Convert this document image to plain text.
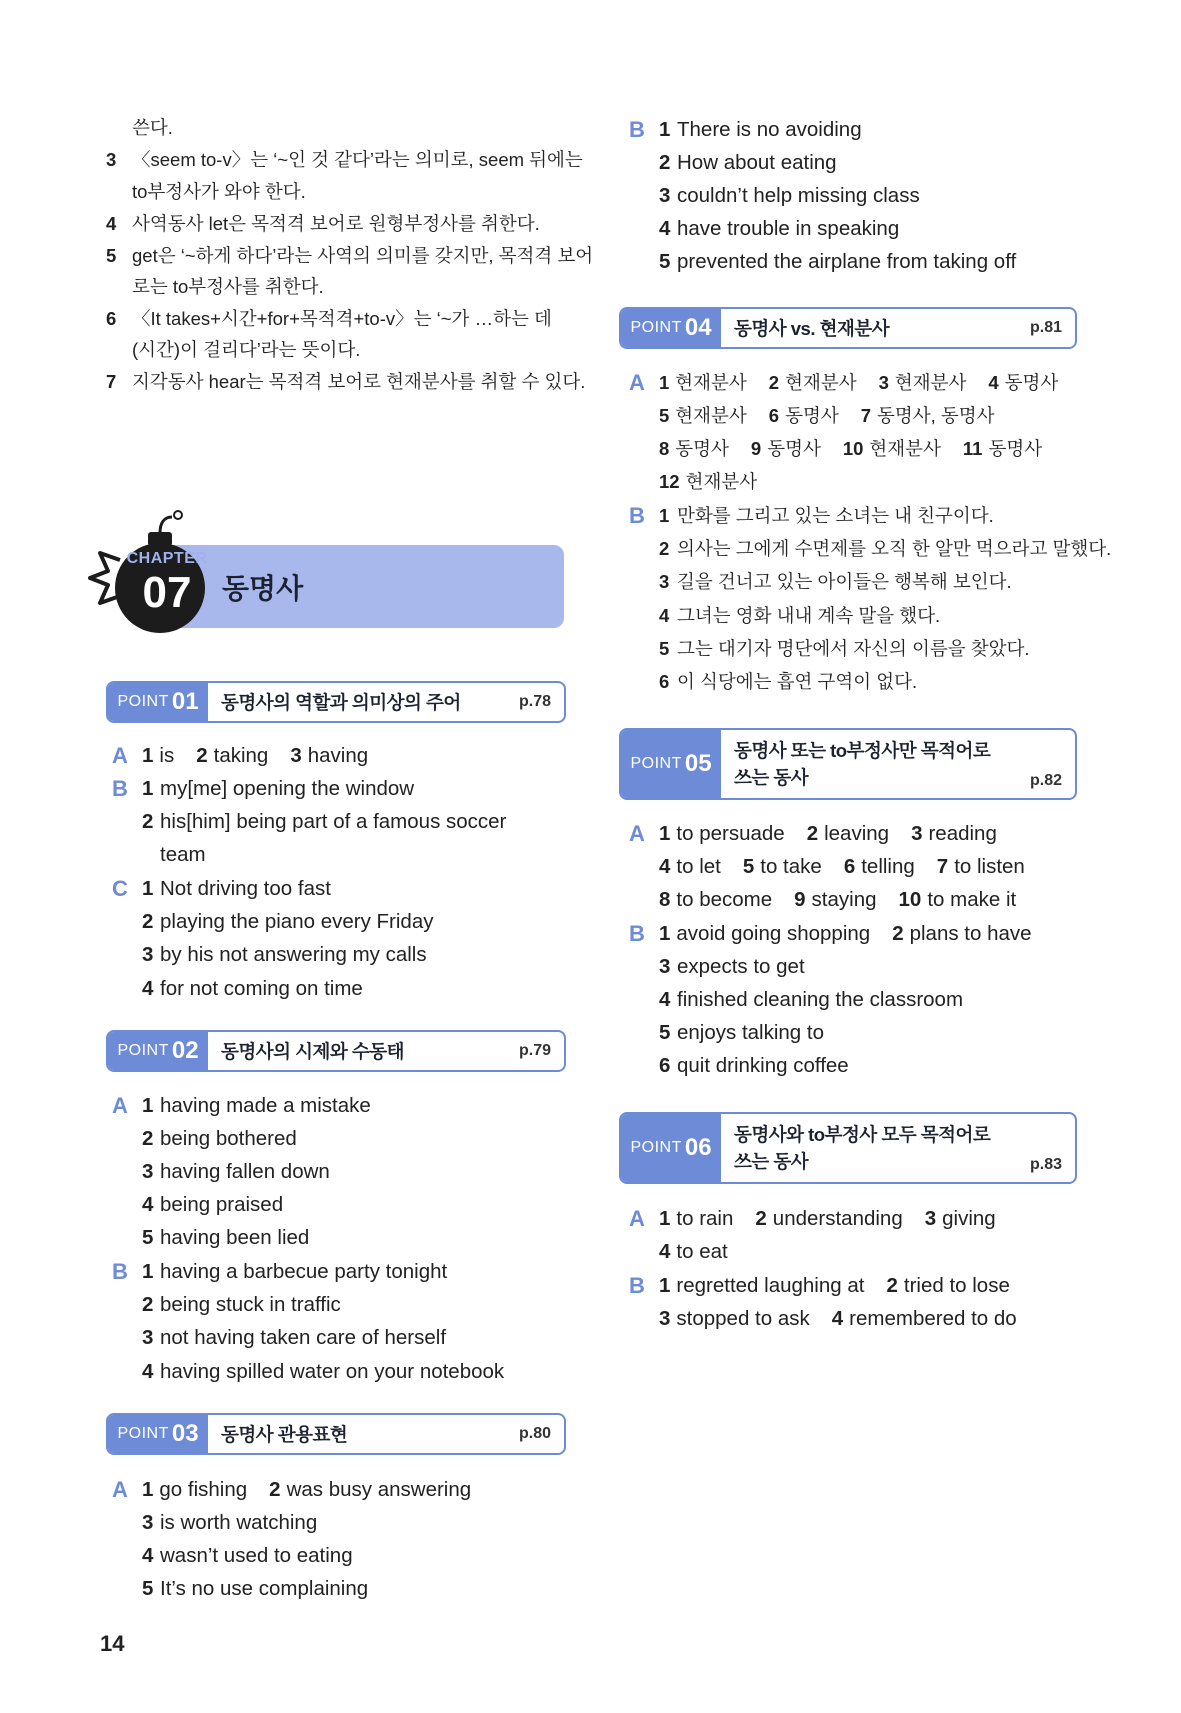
쓴다.
3 〈seem to-v〉는 ‘~인 것 같다’라는 의미로, seem 뒤에는
to부정사가 와야 한다.
4 사역동사 let은 목적격 보어로 원형부정사를 취한다.
5 get은 ‘~하게 하다’라는 사역의 의미를 갖지만, 목적격 보어
로는 to부정사를 취한다.
6 〈It takes+시간+for+목적격+to-v〉는 ‘~가 …하는 데
(시간)이 걸리다’라는 뜻이다.
7 지각동사 hear는 목적격 보어로 현재분사를 취할 수 있다.
POINT 01 동명사의 역할과 의미상의 주어	p.78
A 1 is 2 taking 3 having
B 1 my[me] opening the window
2 his[him] being part of a famous soccer
team
C 1 Not driving too fast
2 playing the piano every Friday
3 by his not answering my calls
4 for not coming on time
POINT 02 동명사의 시제와 수동태	p.79
A 1 having made a mistake
2 being bothered
3 having fallen down
4 being praised
5 having been lied
B 1 having a barbecue party tonight
2 being stuck in traffic
3 not having taken care of herself
4 having spilled water on your notebook
POINT 03 동명사 관용표현	p.80
A 1 go fishing 2 was busy answering
3 is worth watching
4 wasn’t used to eating
5 It’s no use complaining
동명사
CHAPTER
07
B 1 There is no avoiding
2 How about eating
3 couldn’t help missing class
4 have trouble in speaking
5 prevented the airplane from taking off
POINT 04 동명사 vs. 현재분사	p.81
A 1 현재분사 2 현재분사 3 현재분사 4 동명사
5 현재분사 6 동명사 7 동명사, 동명사
8 동명사 9 동명사 10 현재분사 11 동명사
12 현재분사
B 1 만화를 그리고 있는 소녀는 내 친구이다.
2 의사는 그에게 수면제를 오직 한 알만 먹으라고 말했다.
3 길을 건너고 있는 아이들은 행복해 보인다.
4 그녀는 영화 내내 계속 말을 했다.
5 그는 대기자 명단에서 자신의 이름을 찾았다.
6 이 식당에는 흡연 구역이 없다.
POINT 05 동명사 또는 to부정사만 목적어로
쓰는 동사	p.82
A 1 to persuade 2 leaving 3 reading
4 to let 5 to take 6 telling 7 to listen
8 to become 9 staying 10 to make it
B 1 avoid going shopping 2 plans to have
3 expects to get
4 finished cleaning the classroom
5 enjoys talking to
6 quit drinking coffee
POINT 06 동명사와 to부정사 모두 목적어로
쓰는 동사	p.83
A 1 to rain 2 understanding 3 giving
4 to eat
B 1 regretted laughing at 2 tried to lose
3 stopped to ask 4 remembered to do
14
